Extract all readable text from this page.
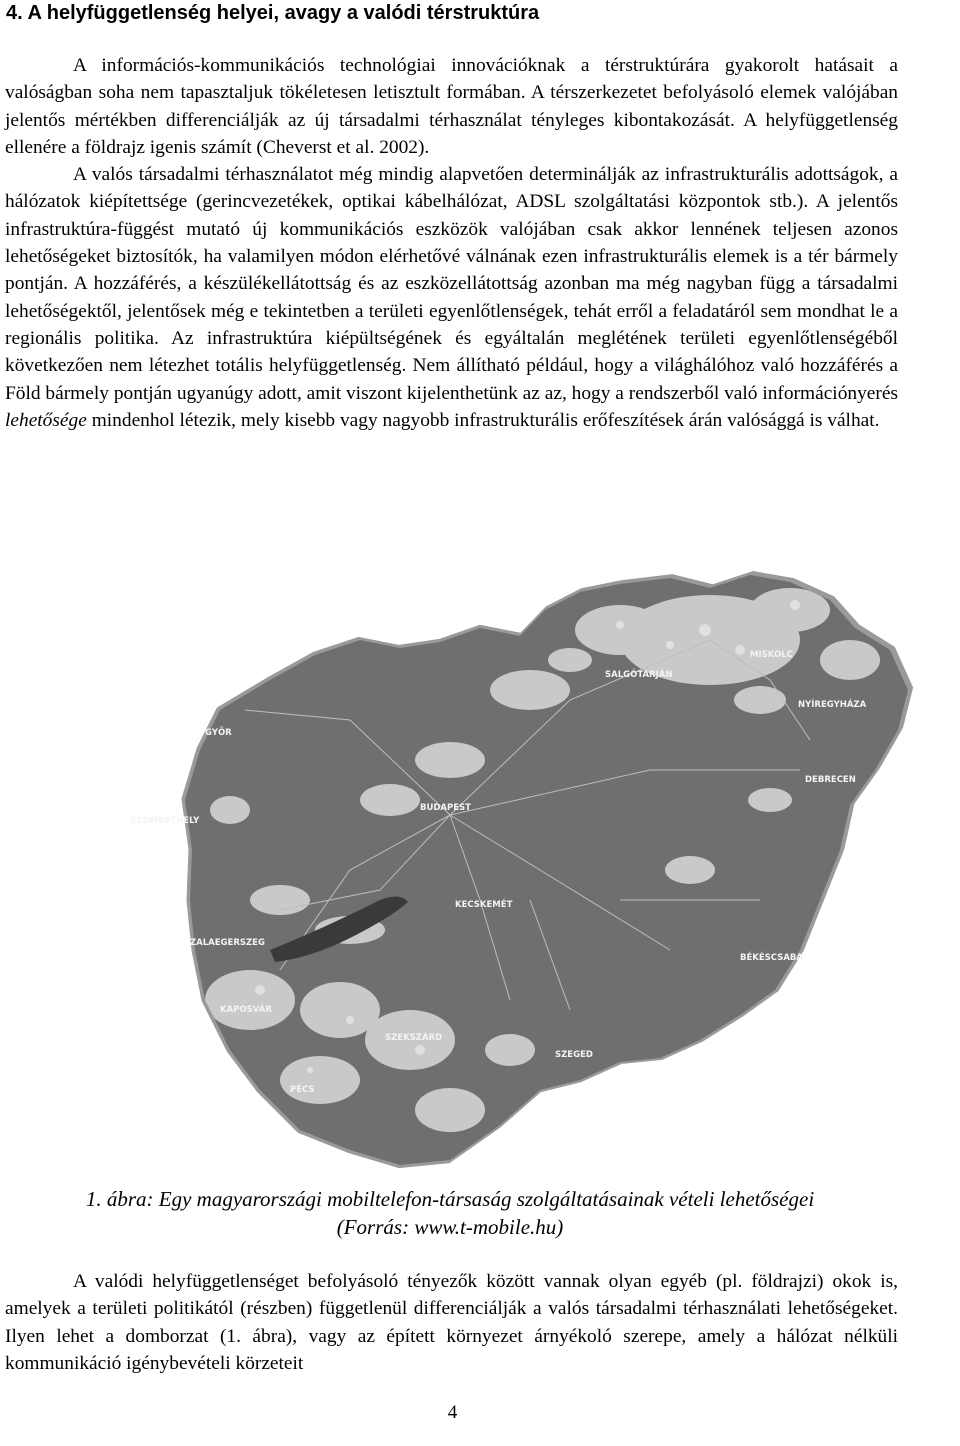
4. A helyfüggetlenség helyei, avagy a valódi térstruktúra

A információs-kommunikációs technológiai innovációknak a térstruktúrára gyakorolt hatásait a valóságban soha nem tapasztaljuk tökéletesen letisztult formában. A térszerkezetet befolyásoló elemek valójában jelentős mértékben differenciálják az új társadalmi térhasználat tényleges kibontakozását. A helyfüggetlenség ellenére a földrajz igenis számít (Cheverst et al. 2002).
A valós társadalmi térhasználatot még mindig alapvetően determinálják az infrastrukturális adottságok, a hálózatok kiépítettsége (gerincvezetékek, optikai kábelhálózat, ADSL szolgáltatási központok stb.). A jelentős infrastruktúra-függést mutató új kommunikációs eszközök valójában csak akkor lennének teljesen azonos lehetőségeket biztosítók, ha valamilyen módon elérhetővé válnának ezen infrastrukturális elemek is a tér bármely pontján. A hozzáférés, a készülékellátottság és az eszközellátottság azonban ma még nagyban függ a társadalmi lehetőségektől, jelentősek még e tekintetben a területi egyenlőtlenségek, tehát erről a feladatáról sem mondhat le a regionális politika. Az infrastruktúra kiépültségének és egyáltalán meglétének területi egyenlőtlenségéből következően nem létezhet totális helyfüggetlenség. Nem állítható például, hogy a világhálóhoz való hozzáférés a Föld bármely pontján ugyanúgy adott, amit viszont kijelenthetünk az az, hogy a rendszerből való információnyerés lehetősége mindenhol létezik, mely kisebb vagy nagyobb infrastrukturális erőfeszítések árán valósággá is válhat.

MISKOLC
SALGÓTARJÁN
NYÍREGYHÁZA
DEBRECEN
GYŐR
BUDAPEST
SZOMBATHELY
KECSKEMÉT
ZALAEGERSZEG
BÉKÉSCSABA
KAPOSVÁR
SZEKSZÁRD
SZEGED
PÉCS
1. ábra: Egy magyarországi mobiltelefon-társaság szolgáltatásainak vételi lehetőségei
(Forrás: www.t-mobile.hu)

A valódi helyfüggetlenséget befolyásoló tényezők között vannak olyan egyéb (pl. földrajzi) okok is, amelyek a területi politikától (részben) függetlenül differenciálják a valós társadalmi térhasználati lehetőségeket. Ilyen lehet a domborzat (1. ábra), vagy az épített környezet árnyékoló szerepe, amely a hálózat nélküli kommunikáció igénybevételi körzeteit

4
